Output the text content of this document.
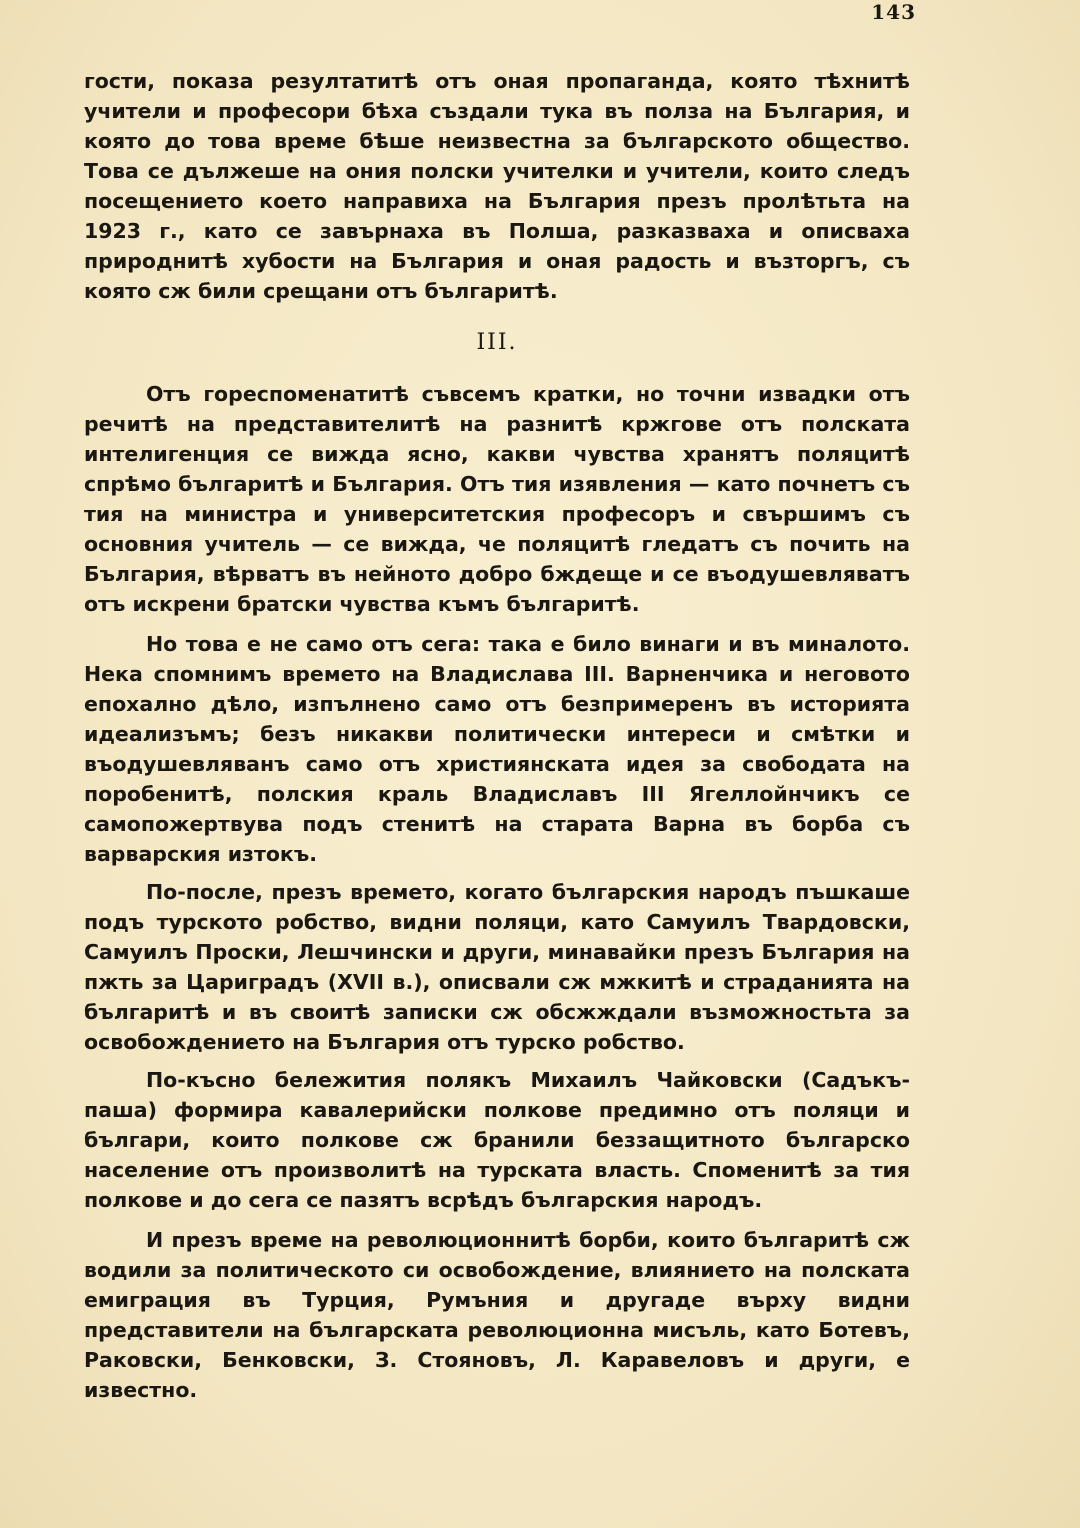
143

гости, показа резултатитѣ отъ оная пропаганда, която тѣхнитѣ учители и професори бѣха създали тука въ полза на България, и която до това време бѣше неизвестна за българското общество. Това се дължеше на ония полски учителки и учители, които следъ посещението което направиха на България презъ пролѣтьта на 1923 г., като се завърнаха въ Полша, разказваха и описваха природнитѣ хубости на България и оная радость и възторгъ, съ която сж били срещани отъ българитѣ.

III.

Отъ гореспоменатитѣ съвсемъ кратки, но точни извадки отъ речитѣ на представителитѣ на разнитѣ кржгове отъ полската интелигенция се вижда ясно, какви чувства хранятъ поляцитѣ спрѣмо българитѣ и България. Отъ тия изявления — като почнетъ съ тия на министра и университетския професоръ и свършимъ съ основния учитель — се вижда, че поляцитѣ гледатъ съ почить на България, вѣрватъ въ нейното добро бждеще и се въодушевляватъ отъ искрени братски чувства къмъ българитѣ.

Но това е не само отъ сега: така е било винаги и въ миналото. Нека спомнимъ времето на Владислава III. Варненчика и неговото епохално дѣло, изпълнено само отъ безпримеренъ въ историята идеализъмъ; безъ никакви политически интереси и смѣтки и въодушевляванъ само отъ християнската идея за свободата на поробенитѣ, полския краль Владиславъ III Ягеллойнчикъ се самопожертвува подъ стенитѣ на старата Варна въ борба съ варварския изтокъ.

По-после, презъ времето, когато българския народъ пъшкаше подъ турското робство, видни поляци, като Самуилъ Твардовски, Самуилъ Проски, Лешчински и други, минавайки презъ България на пжть за Цариградъ (XVII в.), описвали сж мжкитѣ и страданията на българитѣ и въ своитѣ записки сж обсжждали възможностьта за освобождението на България отъ турско робство.

По-късно бележития полякъ Михаилъ Чайковски (Садъкъ-паша) формира кавалерийски полкове предимно отъ поляци и българи, които полкове сж бранили беззащитното българско население отъ произволитѣ на турската власть. Споменитѣ за тия полкове и до сега се пазятъ всрѣдъ българския народъ.

И презъ време на революционнитѣ борби, които българитѣ сж водили за политическото си освобождение, влиянието на полската емиграция въ Турция, Румъния и другаде върху видни представители на българската революционна мисъль, като Ботевъ, Раковски, Бенковски, З. Стояновъ, Л. Каравеловъ и други, е известно.
